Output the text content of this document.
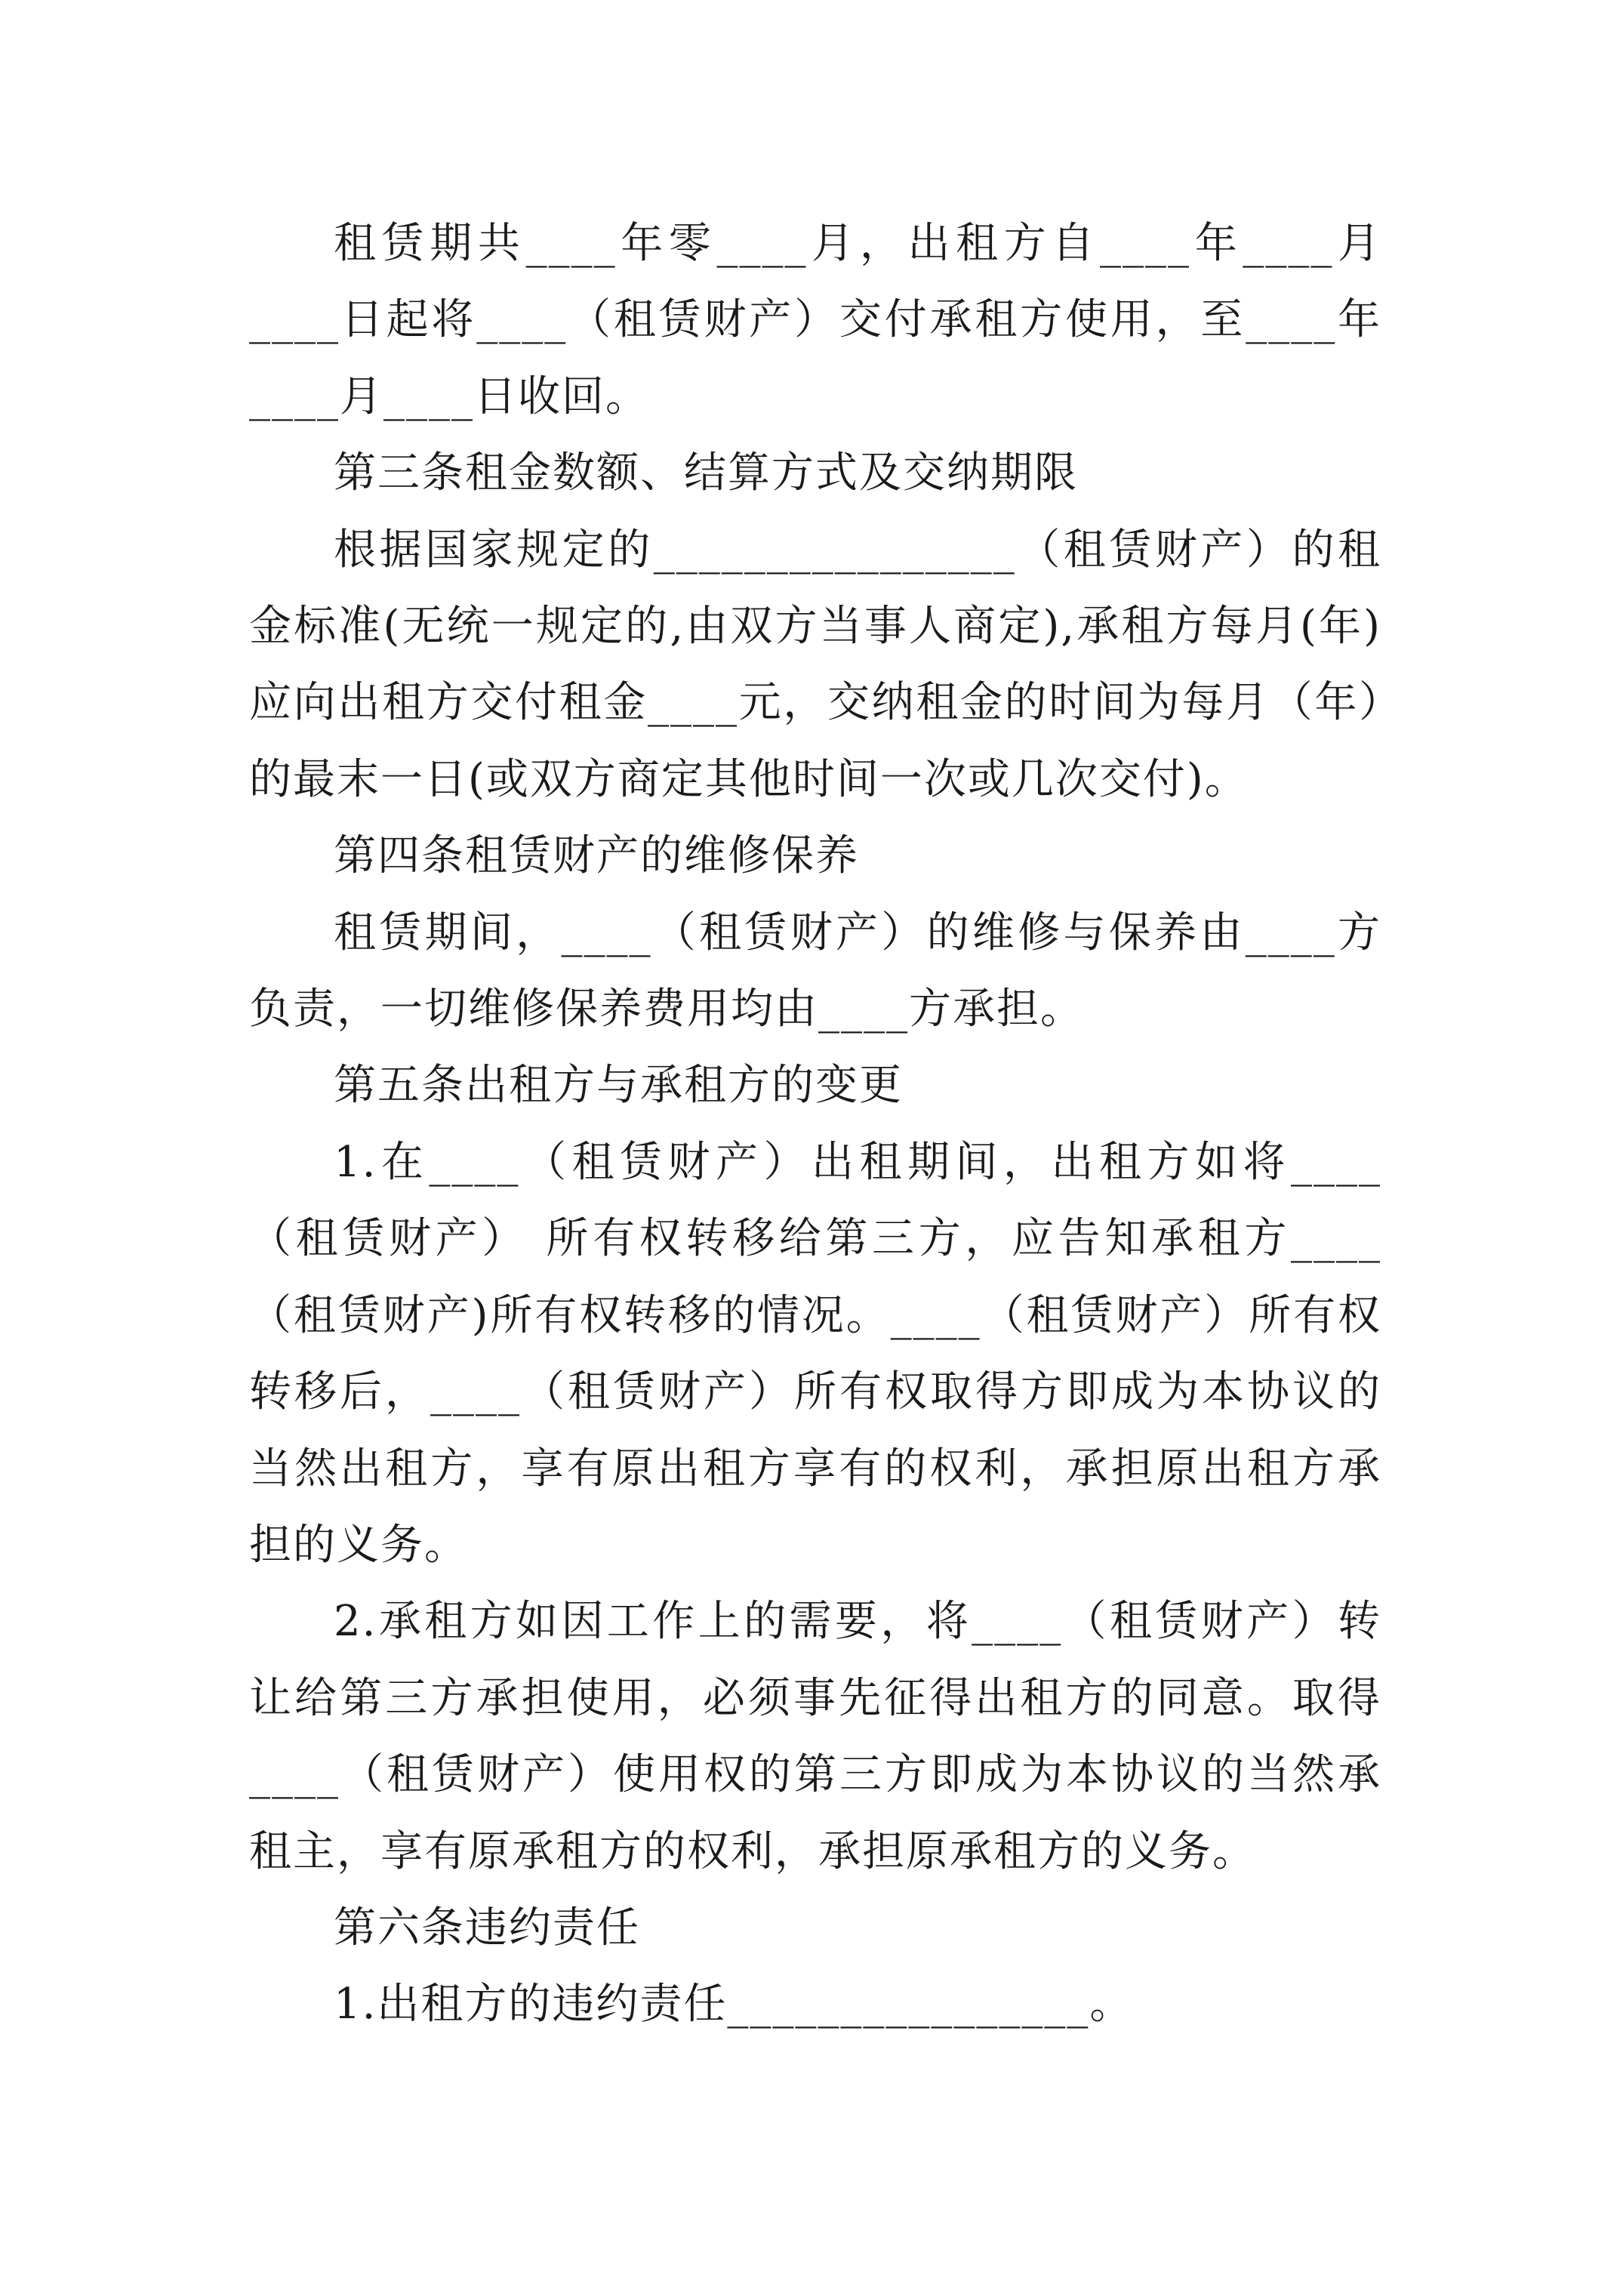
租赁期共____年零____月，出租方自____年____月____日起将____（租赁财产）交付承租方使用，至____年____月____日收回。

第三条租金数额、结算方式及交纳期限

根据国家规定的________________（租赁财产）的租金标准(无统一规定的,由双方当事人商定),承租方每月(年)应向出租方交付租金____元，交纳租金的时间为每月（年）的最末一日(或双方商定其他时间一次或几次交付)。

第四条租赁财产的维修保养

租赁期间，____（租赁财产）的维修与保养由____方负责，一切维修保养费用均由____方承担。

第五条出租方与承租方的变更

1.在____（租赁财产）出租期间，出租方如将____（租赁财产） 所有权转移给第三方，应告知承租方____（租赁财产)所有权转移的情况。____（租赁财产）所有权转移后，____（租赁财产）所有权取得方即成为本协议的当然出租方，享有原出租方享有的权利，承担原出租方承担的义务。

2.承租方如因工作上的需要，将____（租赁财产）转让给第三方承担使用，必须事先征得出租方的同意。取得____（租赁财产）使用权的第三方即成为本协议的当然承租主，享有原承租方的权利，承担原承租方的义务。

第六条违约责任

1.出租方的违约责任________________。
